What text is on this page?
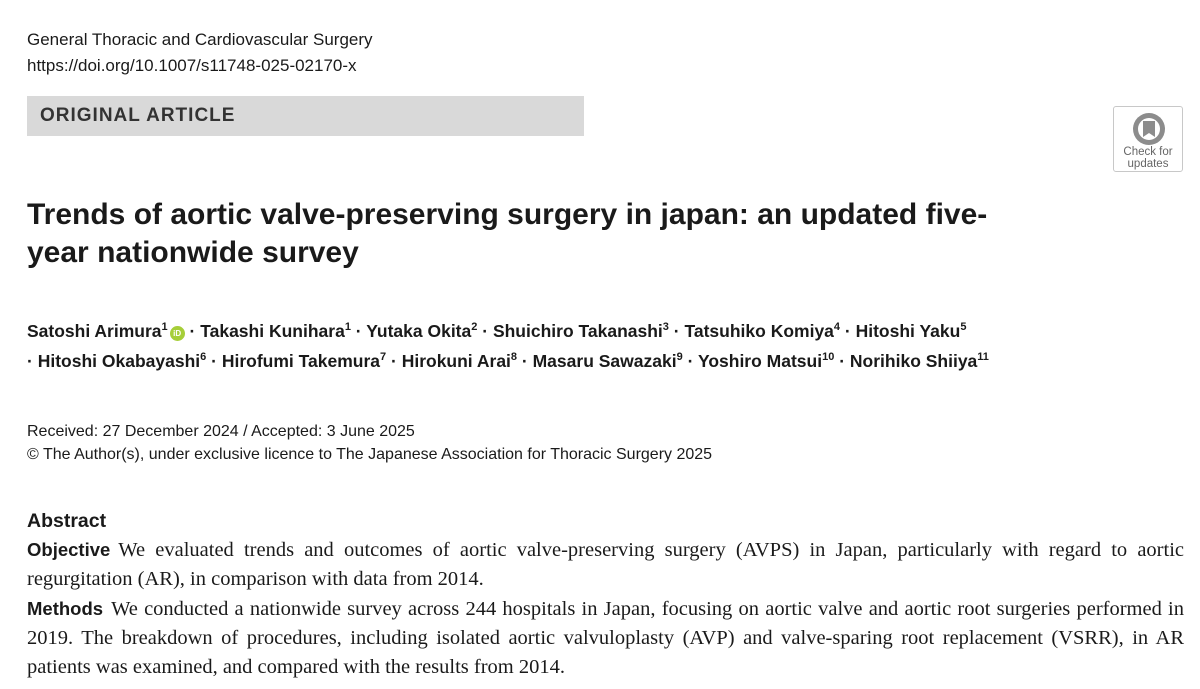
General Thoracic and Cardiovascular Surgery
https://doi.org/10.1007/s11748-025-02170-x
ORIGINAL ARTICLE
Check for
updates
Trends of aortic valve-preserving surgery in japan: an updated five-year nationwide survey
Satoshi Arimura$^1$iD · Takashi Kunihara$^1$ · Yutaka Okita$^2$ · Shuichiro Takanashi$^3$ · Tatsuhiko Komiya$^4$ · Hitoshi Yaku$^5$
· Hitoshi Okabayashi$^6$ · Hirofumi Takemura$^7$ · Hirokuni Arai$^8$ · Masaru Sawazaki$^9$ · Yoshiro Matsui$^{10}$ · Norihiko Shiiya$^{11}$
Received: 27 December 2024 / Accepted: 3 June 2025
© The Author(s), under exclusive licence to The Japanese Association for Thoracic Surgery 2025
Abstract

Objective We evaluated trends and outcomes of aortic valve-preserving surgery (AVPS) in Japan, particularly with regard to aortic regurgitation (AR), in comparison with data from 2014.

Methods We conducted a nationwide survey across 244 hospitals in Japan, focusing on aortic valve and aortic root surgeries performed in 2019. The breakdown of procedures, including isolated aortic valvuloplasty (AVP) and valve-sparing root replacement (VSRR), in AR patients was examined, and compared with the results from 2014.
